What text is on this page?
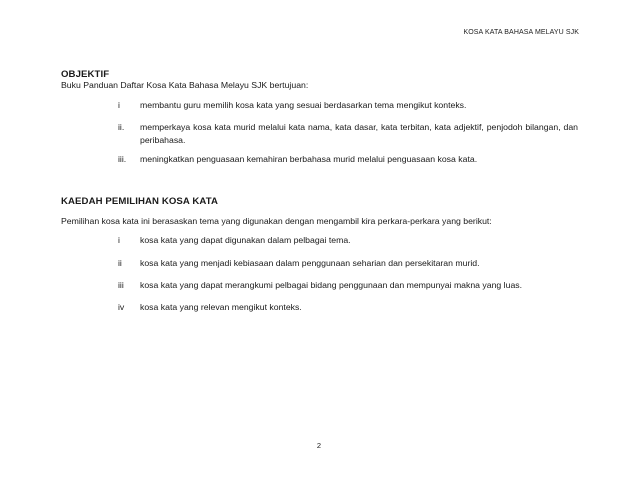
KOSA KATA BAHASA MELAYU SJK
OBJEKTIF
Buku Panduan Daftar Kosa Kata Bahasa Melayu SJK bertujuan:
i	membantu guru memilih kosa kata yang sesuai berdasarkan tema mengikut konteks.
ii.	memperkaya kosa kata murid melalui kata nama, kata dasar, kata terbitan, kata adjektif, penjodoh bilangan, dan peribahasa.
iii.	meningkatkan penguasaan kemahiran berbahasa murid melalui penguasaan kosa kata.
KAEDAH PEMILIHAN KOSA KATA
Pemilihan kosa kata ini berasaskan tema yang digunakan dengan mengambil kira perkara-perkara yang berikut:
i	kosa kata yang dapat digunakan dalam pelbagai tema.
ii	kosa kata yang menjadi kebiasaan dalam penggunaan seharian dan persekitaran murid.
iii	kosa kata yang dapat merangkumi pelbagai bidang penggunaan dan mempunyai makna yang luas.
iv	kosa kata yang relevan mengikut konteks.
2
